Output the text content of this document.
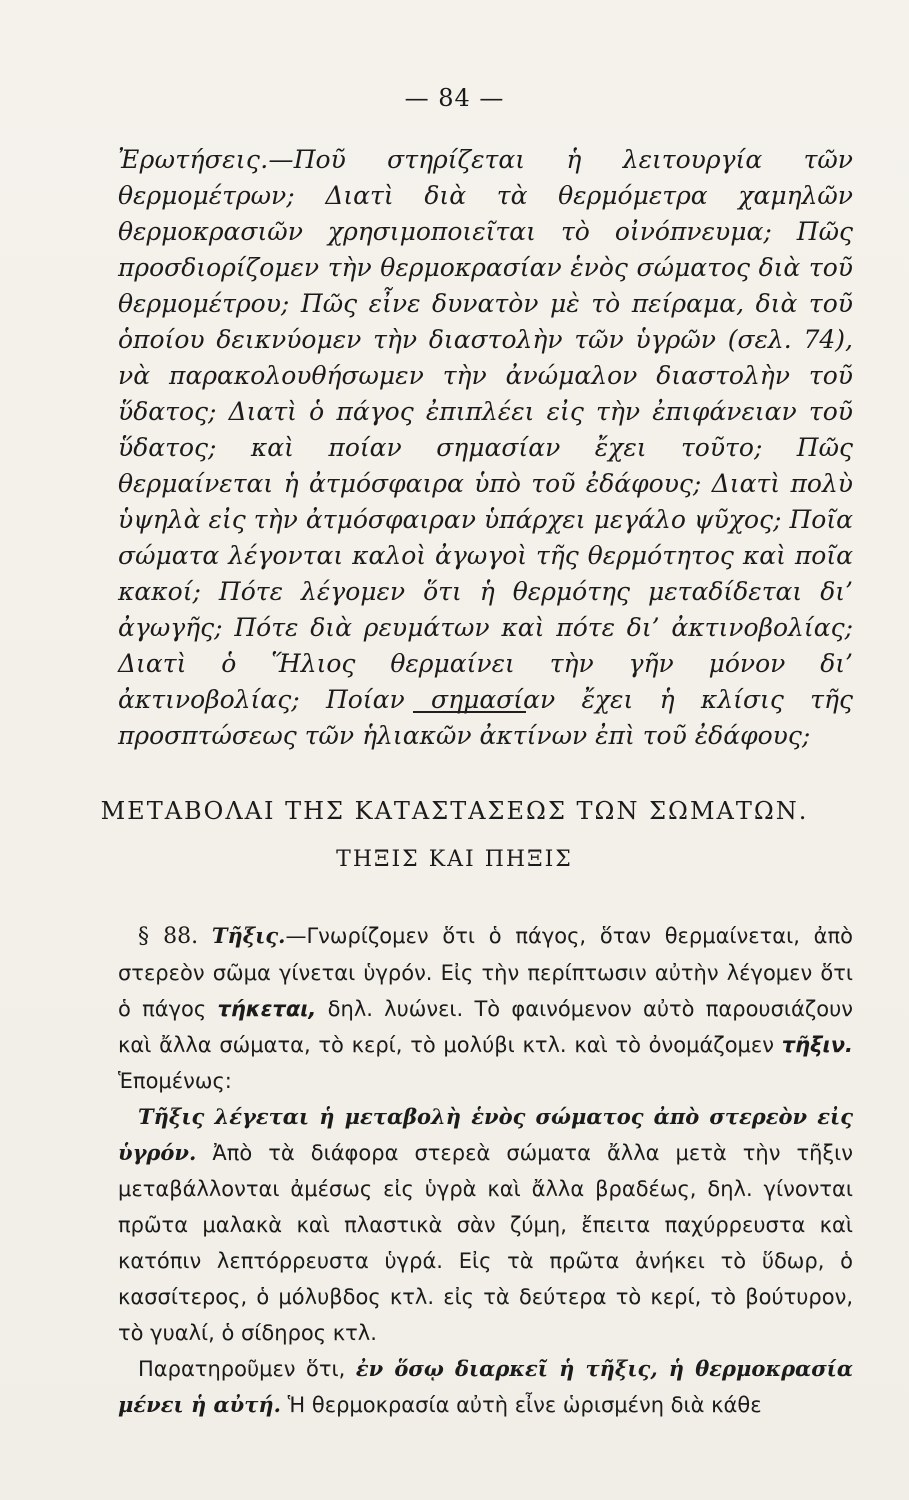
— 84 —
Ἐρωτήσεις.—Ποῦ στηρίζεται ἡ λειτουργία τῶν θερμομέτρων; Διατὶ διὰ τὰ θερμόμετρα χαμηλῶν θερμοκρασιῶν χρησιμοποιεῖται τὸ οἰνόπνευμα; Πῶς προσδιορίζομεν τὴν θερμοκρασίαν ἑνὸς σώματος διὰ τοῦ θερμομέτρου; Πῶς εἶνε δυνατὸν μὲ τὸ πείραμα, διὰ τοῦ ὁποίου δεικνύομεν τὴν διαστολὴν τῶν ὑγρῶν (σελ. 74), νὰ παρακολουθήσωμεν τὴν ἀνώμαλον διαστολὴν τοῦ ὕδατος; Διατὶ ὁ πάγος ἐπιπλέει εἰς τὴν ἐπιφάνειαν τοῦ ὕδατος; καὶ ποίαν σημασίαν ἔχει τοῦτο; Πῶς θερμαίνεται ἡ ἀτμόσφαιρα ὑπὸ τοῦ ἐδάφους; Διατὶ πολὺ ὑψηλὰ εἰς τὴν ἀτμόσφαιραν ὑπάρχει μεγάλο ψῦχος; Ποῖα σώματα λέγονται καλοὶ ἀγωγοὶ τῆς θερμότητος καὶ ποῖα κακοί; Πότε λέγομεν ὅτι ἡ θερμότης μεταδίδεται δι’ ἀγωγῆς; Πότε διὰ ρευμάτων καὶ πότε δι’ ἀκτινοβολίας; Διατὶ ὁ Ἥλιος θερμαίνει τὴν γῆν μόνον δι’ ἀκτινοβολίας; Ποίαν σημασίαν ἔχει ἡ κλίσις τῆς προσπτώσεως τῶν ἡλιακῶν ἀκτίνων ἐπὶ τοῦ ἐδάφους;
ΜΕΤΑΒΟΛΑΙ ΤΗΣ ΚΑΤΑΣΤΑΣΕΩΣ ΤΩΝ ΣΩΜΑΤΩΝ.
ΤΗΞΙΣ ΚΑΙ ΠΗΞΙΣ

§ 88. Τῆξις.—Γνωρίζομεν ὅτι ὁ πάγος, ὅταν θερμαίνεται, ἀπὸ στερεὸν σῶμα γίνεται ὑγρόν. Εἰς τὴν περίπτωσιν αὐτὴν λέγομεν ὅτι ὁ πάγος τήκεται, δηλ. λυώνει. Τὸ φαινόμενον αὐτὸ παρουσιάζουν καὶ ἄλλα σώματα, τὸ κερί, τὸ μολύβι κτλ. καὶ τὸ ὀνομάζομεν τῆξιν. Ἑπομένως:

Τῆξις λέγεται ἡ μεταβολὴ ἑνὸς σώματος ἀπὸ στερεὸν εἰς ὑγρόν. Ἀπὸ τὰ διάφορα στερεὰ σώματα ἄλλα μετὰ τὴν τῆξιν μεταβάλλονται ἀμέσως εἰς ὑγρὰ καὶ ἄλλα βραδέως, δηλ. γίνονται πρῶτα μαλακὰ καὶ πλαστικὰ σὰν ζύμη, ἔπειτα παχύρρευστα καὶ κατόπιν λεπτόρρευστα ὑγρά. Εἰς τὰ πρῶτα ἀνήκει τὸ ὕδωρ, ὁ κασσίτερος, ὁ μόλυβδος κτλ. εἰς τὰ δεύτερα τὸ κερί, τὸ βούτυρον, τὸ γυαλί, ὁ σίδηρος κτλ.

Παρατηροῦμεν ὅτι, ἐν ὅσῳ διαρκεῖ ἡ τῆξις, ἡ θερμοκρασία μένει ἡ αὐτή. Ἡ θερμοκρασία αὐτὴ εἶνε ὡρισμένη διὰ κάθε
